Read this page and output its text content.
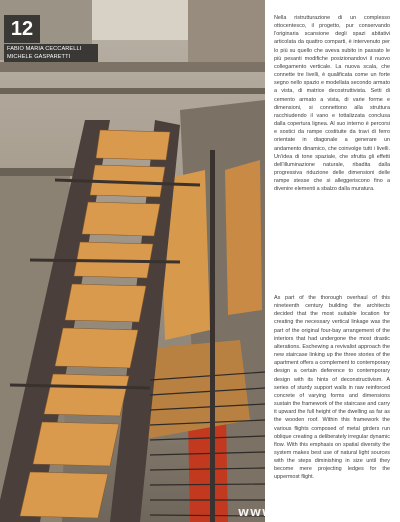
12
FABIO MARIA CECCARELLI
MICHELE GASPARETTI
WWW

Nella ristrutturazione di un complesso ottocentesco, il progetto, pur conservando l'originaria scansione degli spazi abitativi articolata da quattro comparti, è intervenuto per lo più su quello che aveva subito in passato le più pesanti modifiche posizionandovi il nuovo collegamento verticale. La nuova scala, che connette tre livelli, è qualificata come un forte segno nello spazio e modellata secondo armato a vista, di matrice decostruttivista. Setti di cemento armato a vista, di varie forme e dimensioni, si connettono alla struttura racchiudendo il vano e tottalizzata conclusa dalla copertura lignea. Al suo interno è percorsi e sostici da rampe costituite da travi di ferro orientate in diagonale a generare un andamento dinamico, che coinvolge tutti i livelli. Un'idea di tone spaziale, che sfrutta gli effetti dell'illuminazione naturale, ribadita dalla progressiva riduzione delle dimensioni delle rampe stesse che si alleggeriscono fino a divenire elementi a sbalzo dalla muratura.

As part of the thorough overhaul of this nineteenth century building the architects decided that the most suitable location for creating the necessary vertical linkage was the part of the original four-bay arrangement of the interiors that had undergone the most drastic alterations. Eschewing a revivalist approach the new staircase linking up the three stories of the apartment offers a complement to contemporary design a certain deference to contemporary design with its hints of deconstructivism. A series of sturdy support walls in raw reinforced concrete of varying forms and dimensions sustain the framework of the staircase and carry it upward the full height of the dwelling as far as the wooden roof. Within this framework the various flights composed of metal girders run oblique creating a deliberately irregular dynamic flow. With this emphasis on spatial diversity the system makes best use of natural light sources with the steps diminishing in size until they become mere projecting ledges for the uppermost flight.
